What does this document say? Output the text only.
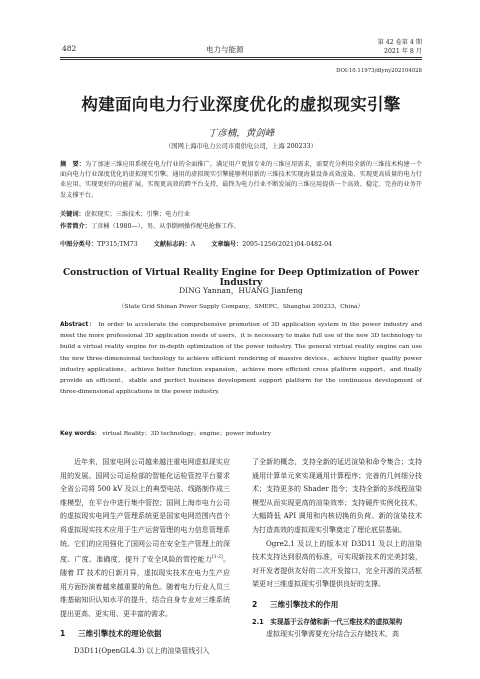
482	电力与能源
第 42 卷第 4 期
2021 年 8 月
DOI:10.11973/dlyny202104028
构建面向电力行业深度优化的虚拟现实引擎
丁彦楠，黄剑峰
（国网上海市电力公司市南供电公司，上海 200233）
摘　要：为了加速三维应用系统在电力行业的全面推广，满足用户更加专业的三维应用需求，需要充分利用全新的三维技术构建一个面向电力行业深度优化的虚拟现实引擎。通用的虚拟现实引擎能够利用新的三维技术实现海量设备高效渲染、实现更高质量的电力行业应用、实现更好的功能扩展，实现更高效的跨平台支持，最终为电力行业不断发展的三维应用提供一个高效、稳定、完善的业务开发支撑平台。
关键词：虚拟现实；三维技术；引擎；电力行业
作者简介：丁彦楠（1980—），男，从事倒闸操作配电抢修工作。
中图分类号：TP315;TM73	文献标志码：A	文章编号：2095-1256(2021)04-0482-04
Construction of Virtual Reality Engine for Deep Optimization of Power Industry
DING Yannan，HUANG Jianfeng
（State Grid Shinan Power Supply Company，SMEPC，Shanghai 200233，China）
Abstract： In order to accelerate the comprehensive promotion of 3D application system in the power industry and meet the more professional 3D application needs of users，it is necessary to make full use of the new 3D technology to build a virtual reality engine for in-depth optimization of the power industry. The general virtual reality engine can use the new three-dimensional technology to achieve efficient rendering of massive devices，achieve higher quality power industry applications，achieve better function expansion，achieve more efficient cross platform support，and finally provide an efficient，stable and perfect business development support platform for the continuous development of three-dimensional applications in the power industry.
Key words： virtual Reality；3D technology；engine；power industry
近年来，国家电网公司越来越注重电网虚拟现实应用的发展。国网公司运检部的智能化运检管控平台要求全省公司将 500 kV 及以上的典型电站、线路制作成三维模型，在平台中进行集中管控；国网上海市电力公司的虚拟现实电网生产管理系统更是国家电网范围内首个将虚拟现实技术应用于生产运营管理的电力信息管理系统。它们的应用强化了国网公司在安全生产管理上的深度、广度、准确度，提升了安全风险的管控能力[1-2]。随着 IT 技术的日新月异，虚拟现实技术在电力生产应用方面扮演着越来越重要的角色。随着电力行业人员三维基础知识认知水平的提升，结合自身专业对三维系统提出更高、更实用、更丰富的需求。
1 三维引擎技术的理论依据
D3D11(OpenGL4.3) 以上的渲染管线引入
了全新的概念，支持全新的延迟渲染和命令集合；支持通用计算单元来实现通用计算程序；完善的几何细分技术；支持更多的 Shader 指令；支持全新的多线程渲染模型从而实现更高的渲染效率；支持硬件实例化技术，大幅降低 API 调用和内核切换的负荷。新的渲染技术为打造高效的虚拟现实引擎奠定了理论底层基础。
Ogre2.1 及以上的版本对 D3D11 及以上的渲染技术支持达到很高的标准，可实现新技术的完美封装，对开发者提供友好的二次开发接口，完全开源的灵活框架更对三维虚拟现实引擎提供良好的支撑。
2 三维引擎技术的作用
2.1　实现基于云存储和新一代三维技术的虚拟架构
虚拟现实引擎需要充分结合云存储技术，高
